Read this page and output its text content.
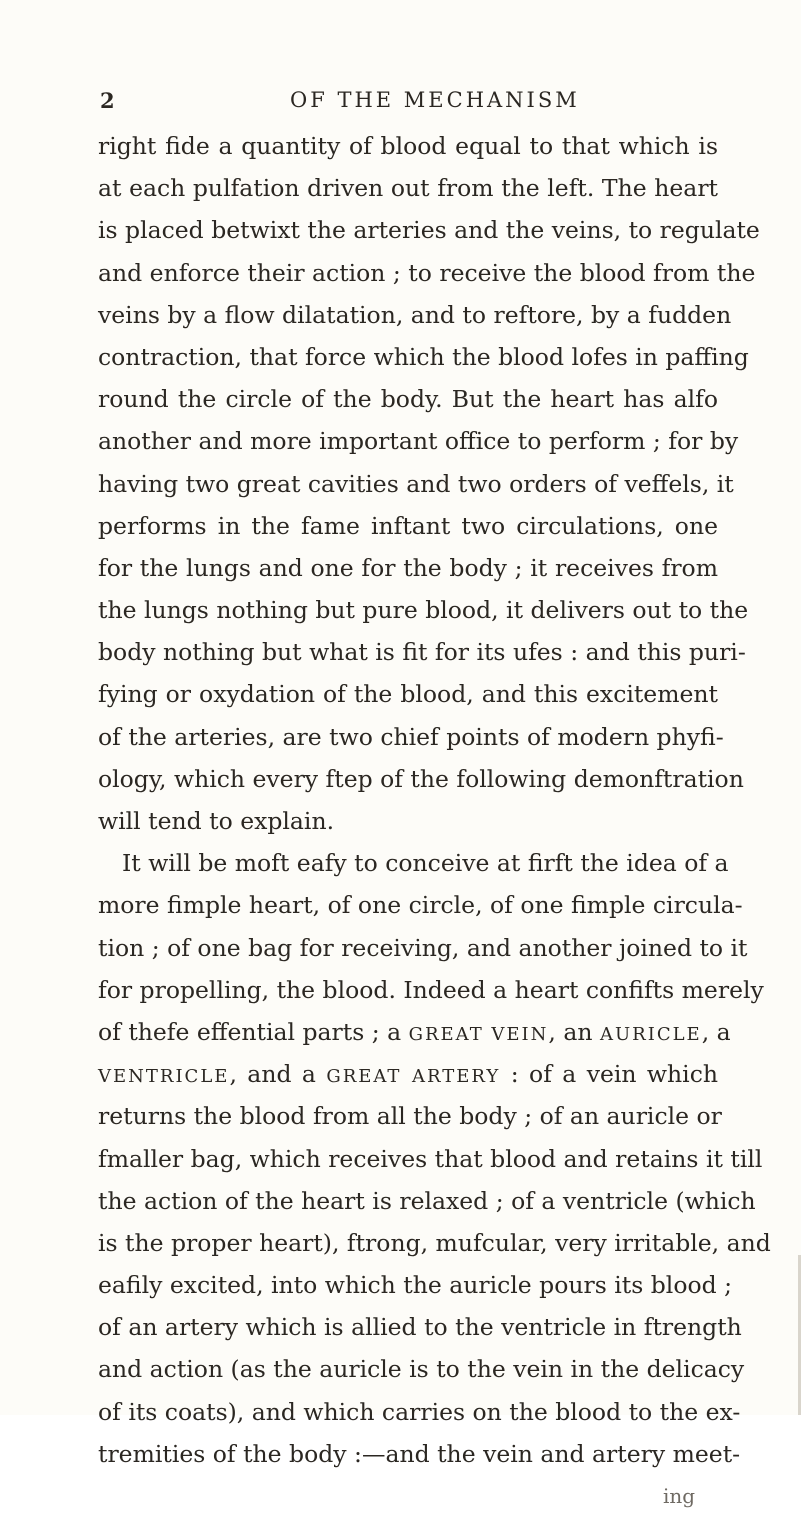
2	OF THE MECHANISM
right fide a quantity of blood equal to that which is
at each pulfation driven out from the left. The heart
is placed betwixt the arteries and the veins, to regulate
and enforce their action ; to receive the blood from the
veins by a flow dilatation, and to reftore, by a fudden
contraction, that force which the blood lofes in paffing
round the circle of the body. But the heart has alfo
another and more important office to perform ; for by
having two great cavities and two orders of veffels, it
performs in the fame inftant two circulations, one
for the lungs and one for the body ; it receives from
the lungs nothing but pure blood, it delivers out to the
body nothing but what is fit for its ufes : and this puri-
fying or oxydation of the blood, and this excitement
of the arteries, are two chief points of modern phyfi-
ology, which every ftep of the following demonftration
will tend to explain.
It will be moft eafy to conceive at firft the idea of a
more fimple heart, of one circle, of one fimple circula-
tion ; of one bag for receiving, and another joined to it
for propelling, the blood. Indeed a heart confifts merely
of thefe effential parts ; a GREAT VEIN, an AURICLE, a
VENTRICLE, and a GREAT ARTERY : of a vein which
returns the blood from all the body ; of an auricle or
fmaller bag, which receives that blood and retains it till
the action of the heart is relaxed ; of a ventricle (which
is the proper heart), ftrong, mufcular, very irritable, and
eafily excited, into which the auricle pours its blood ;
of an artery which is allied to the ventricle in ftrength
and action (as the auricle is to the vein in the delicacy
of its coats), and which carries on the blood to the ex-
tremities of the body :—and the vein and artery meet-
ing
